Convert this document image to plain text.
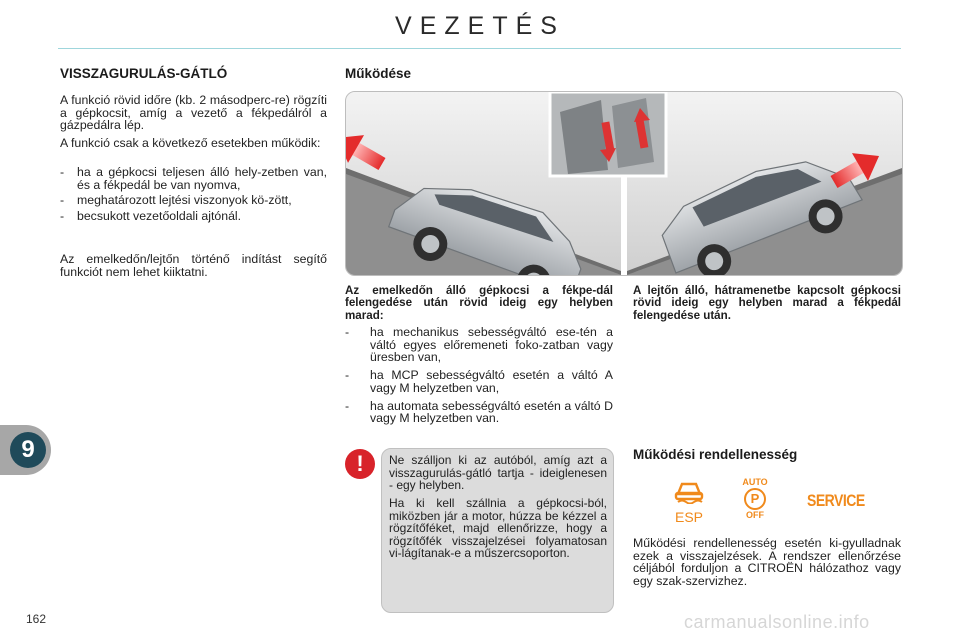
VEZETÉS
VISSZAGURULÁS-GÁTLÓ
A funkció rövid időre (kb. 2 másodperc-re) rögzíti a gépkocsit, amíg a vezető a fékpedálról a gázpedálra lép.
A funkció csak a következő esetekben működik:
- ha a gépkocsi teljesen álló hely-zetben van, és a fékpedál be van nyomva,
- meghatározott lejtési viszonyok kö-zött,
- becsukott vezetőoldali ajtónál.
Az emelkedőn/lejtőn történő indítást segítő funkciót nem lehet kiiktatni.
Működése
Az emelkedőn álló gépkocsi a fékpe-dál felengedése után rövid ideig egy helyben marad:
A lejtőn álló, hátramenetbe kapcsolt gépkocsi rövid ideig egy helyben marad a fékpedál felengedése után.
- ha mechanikus sebességváltó ese-tén a váltó egyes előremeneti foko-zatban vagy üresben van,
- ha MCP sebességváltó esetén a váltó A vagy M helyzetben van,
- ha automata sebességváltó esetén a váltó D vagy M helyzetben van.
9
!	Ne szálljon ki az autóból, amíg azt a visszagurulás-gátló tartja - ideiglenesen - egy helyben.
Ha ki kell szállnia a gépkocsi-ból, miközben jár a motor, húzza be kézzel a rögzítőféket, majd ellenőrizze, hogy a rögzítőfék visszajelzései folyamatosan vi-lágítanak-e a műszercsoporton.
Működési rendellenesség
ESP
AUTO
P
OFF
SERVICE
Működési rendellenesség esetén ki-gyulladnak ezek a visszajelzések. A rendszer ellenőrzése céljából forduljon a CITROËN hálózathoz vagy egy szak-szervizhez.
162	carmanualsonline.info
